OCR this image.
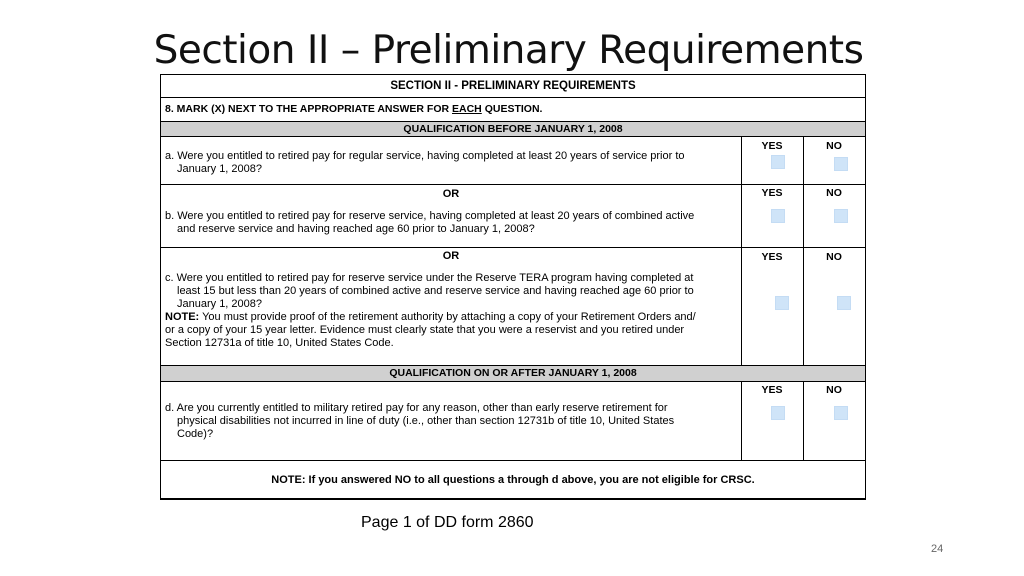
Section II – Preliminary Requirements
SECTION II - PRELIMINARY REQUIREMENTS
8. MARK (X) NEXT TO THE APPROPRIATE ANSWER FOR EACH QUESTION.
QUALIFICATION BEFORE JANUARY 1, 2008
a. Were you entitled to retired pay for regular service, having completed at least 20 years of service prior to
January 1, 2008?
YES	NO
OR
b. Were you entitled to retired pay for reserve service, having completed at least 20 years of combined active
and reserve service and having reached age 60 prior to January 1, 2008?
YES	NO
OR
c. Were you entitled to retired pay for reserve service under the Reserve TERA program having completed at
least 15 but less than 20 years of combined active and reserve service and having reached age 60 prior to
January 1, 2008?
NOTE: You must provide proof of the retirement authority by attaching a copy of your Retirement Orders and/
or a copy of your 15 year letter. Evidence must clearly state that you were a reservist and you retired under
Section 12731a of title 10, United States Code.
YES	NO
QUALIFICATION ON OR AFTER JANUARY 1, 2008
d. Are you currently entitled to military retired pay for any reason, other than early reserve retirement for
physical disabilities not incurred in line of duty (i.e., other than section 12731b of title 10, United States
Code)?
YES	NO
NOTE: If you answered NO to all questions a through d above, you are not eligible for CRSC.
Page 1 of DD form 2860
24
